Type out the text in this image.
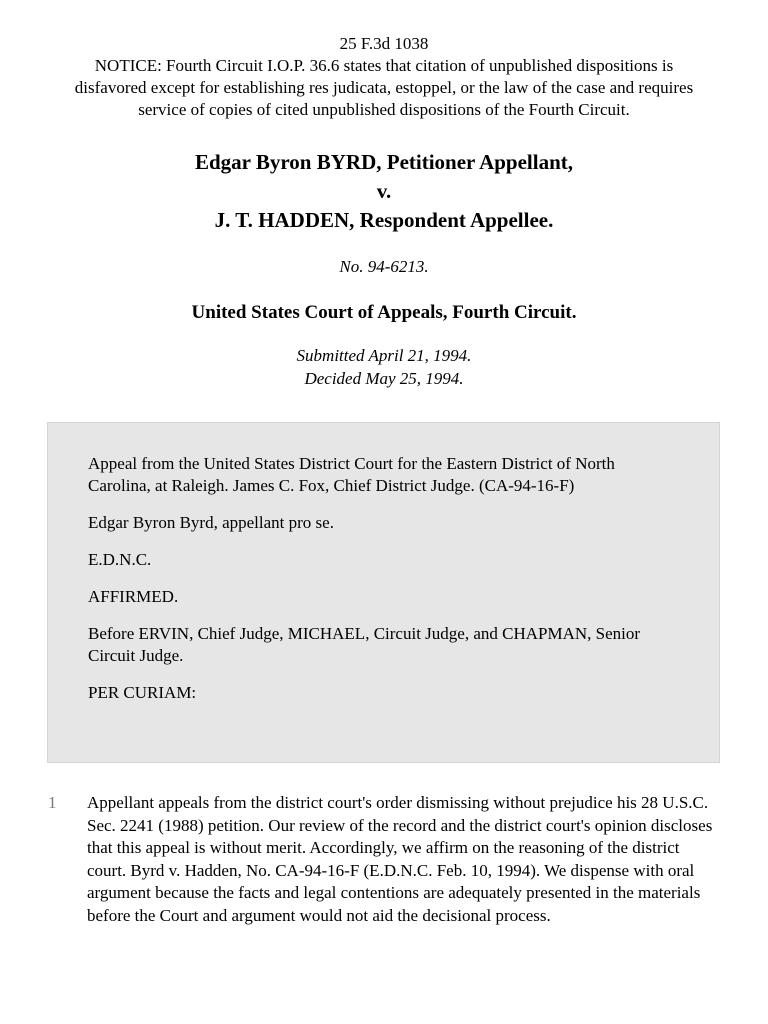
25 F.3d 1038
NOTICE: Fourth Circuit I.O.P. 36.6 states that citation of unpublished dispositions is disfavored except for establishing res judicata, estoppel, or the law of the case and requires service of copies of cited unpublished dispositions of the Fourth Circuit.
Edgar Byron BYRD, Petitioner Appellant,
v.
J. T. HADDEN, Respondent Appellee.
No. 94-6213.
United States Court of Appeals, Fourth Circuit.
Submitted April 21, 1994.
Decided May 25, 1994.

Appeal from the United States District Court for the Eastern District of North Carolina, at Raleigh. James C. Fox, Chief District Judge. (CA-94-16-F)

Edgar Byron Byrd, appellant pro se.

E.D.N.C.

AFFIRMED.

Before ERVIN, Chief Judge, MICHAEL, Circuit Judge, and CHAPMAN, Senior Circuit Judge.

PER CURIAM:

1 Appellant appeals from the district court's order dismissing without prejudice his 28 U.S.C. Sec. 2241 (1988) petition. Our review of the record and the district court's opinion discloses that this appeal is without merit. Accordingly, we affirm on the reasoning of the district court. Byrd v. Hadden, No. CA-94-16-F (E.D.N.C. Feb. 10, 1994). We dispense with oral argument because the facts and legal contentions are adequately presented in the materials before the Court and argument would not aid the decisional process.
